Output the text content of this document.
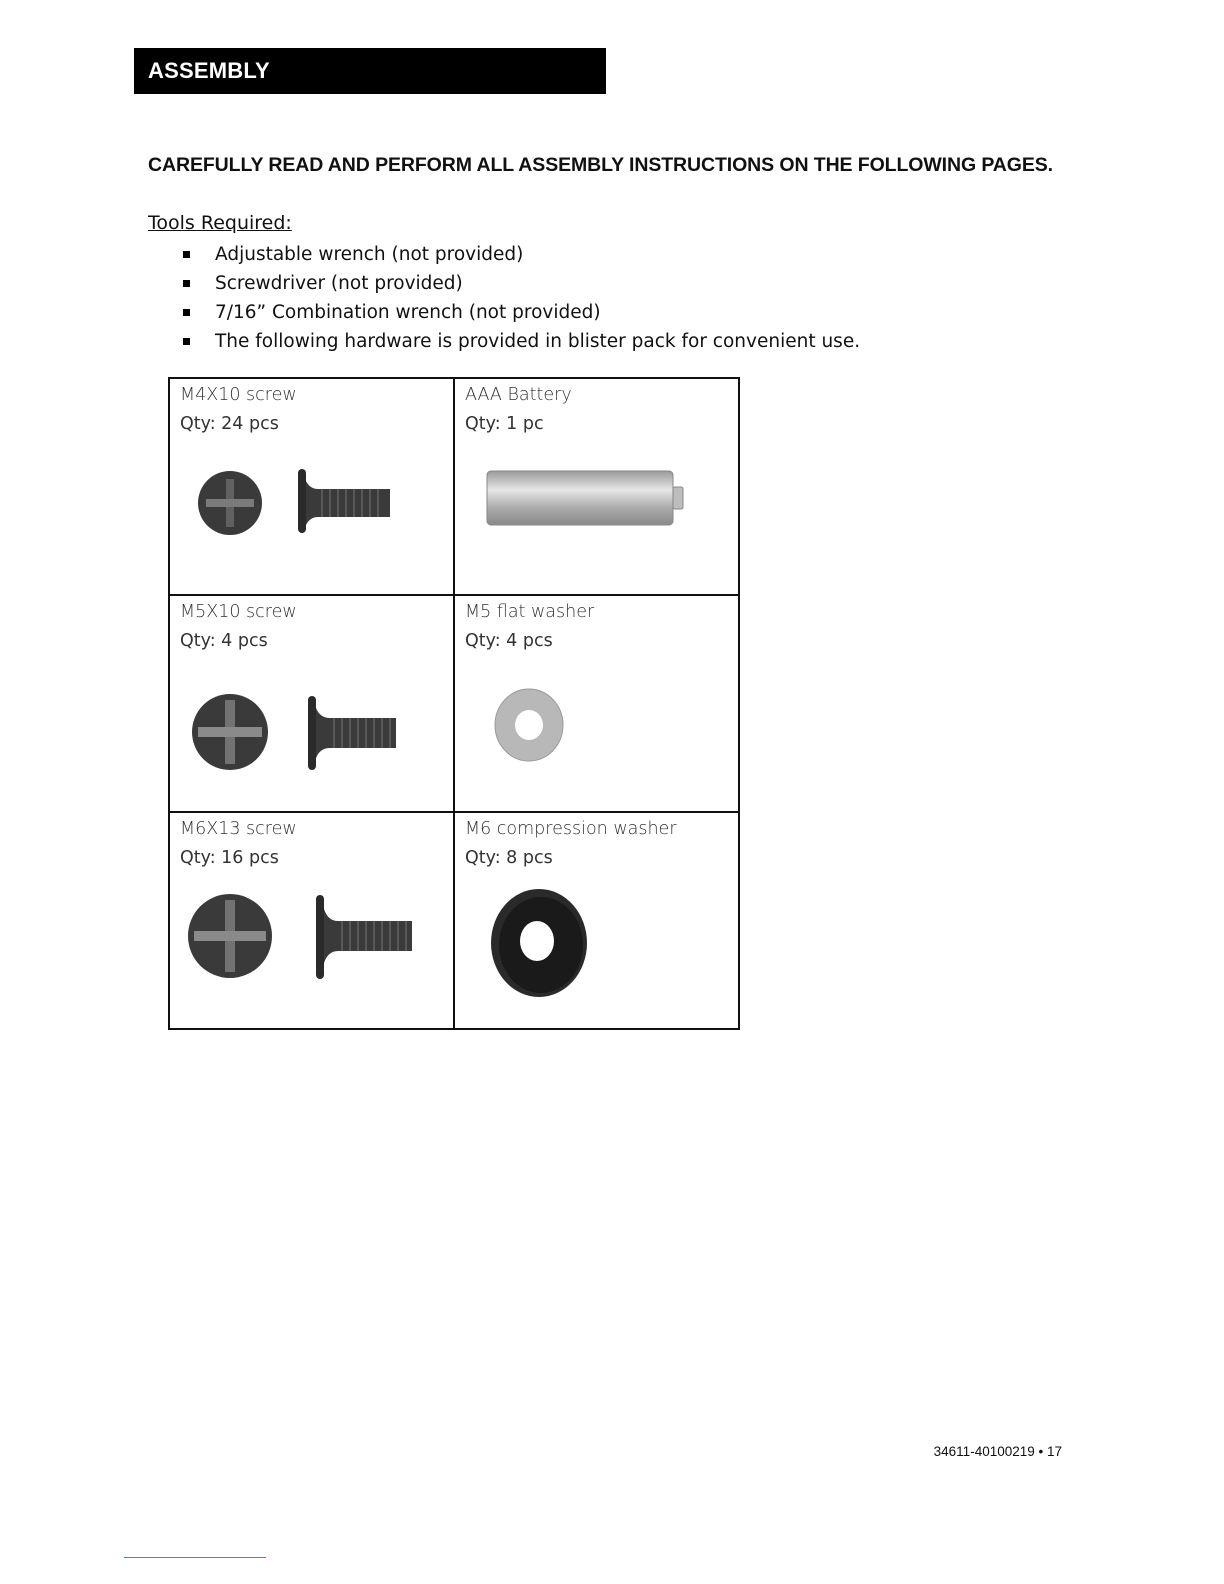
ASSEMBLY
CAREFULLY READ AND PERFORM ALL ASSEMBLY INSTRUCTIONS ON THE FOLLOWING PAGES.
Tools Required:
Adjustable wrench (not provided)
Screwdriver (not provided)
7/16” Combination wrench (not provided)
The following hardware is provided in blister pack for convenient use.
M4X10 screw
Qty: 24 pcs
AAA Battery
Qty: 1 pc
M5X10 screw
Qty: 4 pcs
M5 flat washer
Qty: 4 pcs
M6X13 screw
Qty: 16 pcs
M6 compression washer
Qty: 8 pcs
34611-40100219 • 17
